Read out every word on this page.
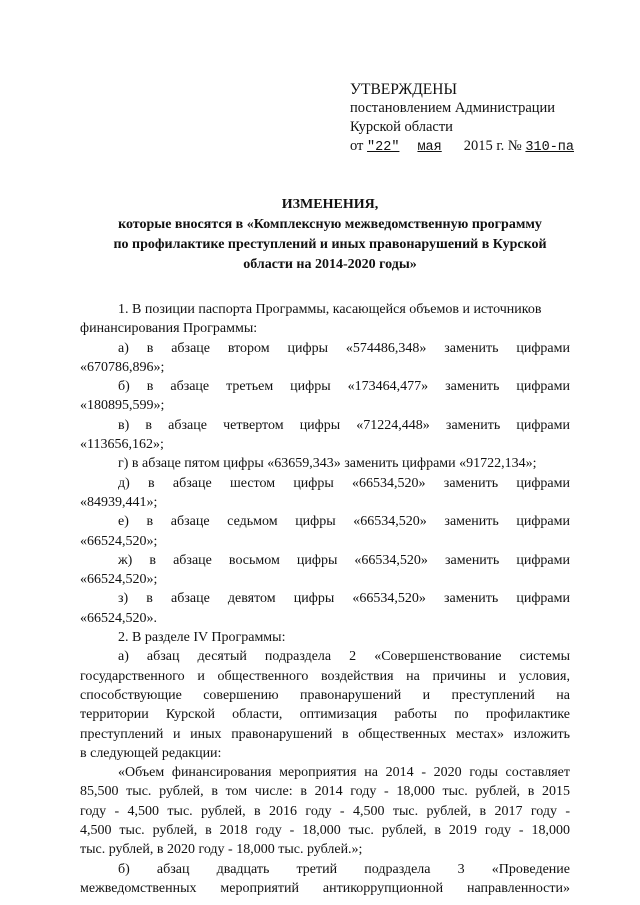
УТВЕРЖДЕНЫ
постановлением Администрации
Курской области
от "22" мая 2015 г. № 310-па
ИЗМЕНЕНИЯ,
которые вносятся в «Комплексную межведомственную программу
по профилактике преступлений и иных правонарушений в Курской
области на 2014-2020 годы»
1. В позиции паспорта Программы, касающейся объемов и источников
финансирования Программы:
а) в абзаце втором цифры «574486,348» заменить цифрами
«670786,896»;
б) в абзаце третьем цифры «173464,477» заменить цифрами
«180895,599»;
в) в абзаце четвертом цифры «71224,448» заменить цифрами
«113656,162»;
г) в абзаце пятом цифры «63659,343» заменить цифрами «91722,134»;
д) в абзаце шестом цифры «66534,520» заменить цифрами
«84939,441»;
е) в абзаце седьмом цифры «66534,520» заменить цифрами
«66524,520»;
ж) в абзаце восьмом цифры «66534,520» заменить цифрами
«66524,520»;
з) в абзаце девятом цифры «66534,520» заменить цифрами
«66524,520».
2. В разделе IV Программы:
а) абзац десятый подраздела 2 «Совершенствование системы
государственного и общественного воздействия на причины и условия,
способствующие совершению правонарушений и преступлений на
территории Курской области, оптимизация работы по профилактике
преступлений и иных правонарушений в общественных местах» изложить
в следующей редакции:
«Объем финансирования мероприятия на 2014 - 2020 годы составляет
85,500 тыс. рублей, в том числе: в 2014 году - 18,000 тыс. рублей, в 2015
году - 4,500 тыс. рублей, в 2016 году - 4,500 тыс. рублей, в 2017 году -
4,500 тыс. рублей, в 2018 году - 18,000 тыс. рублей, в 2019 году - 18,000
тыс. рублей, в 2020 году - 18,000 тыс. рублей.»;
б) абзац двадцать третий подраздела 3 «Проведение
межведомственных мероприятий антикоррупционной направленности»
